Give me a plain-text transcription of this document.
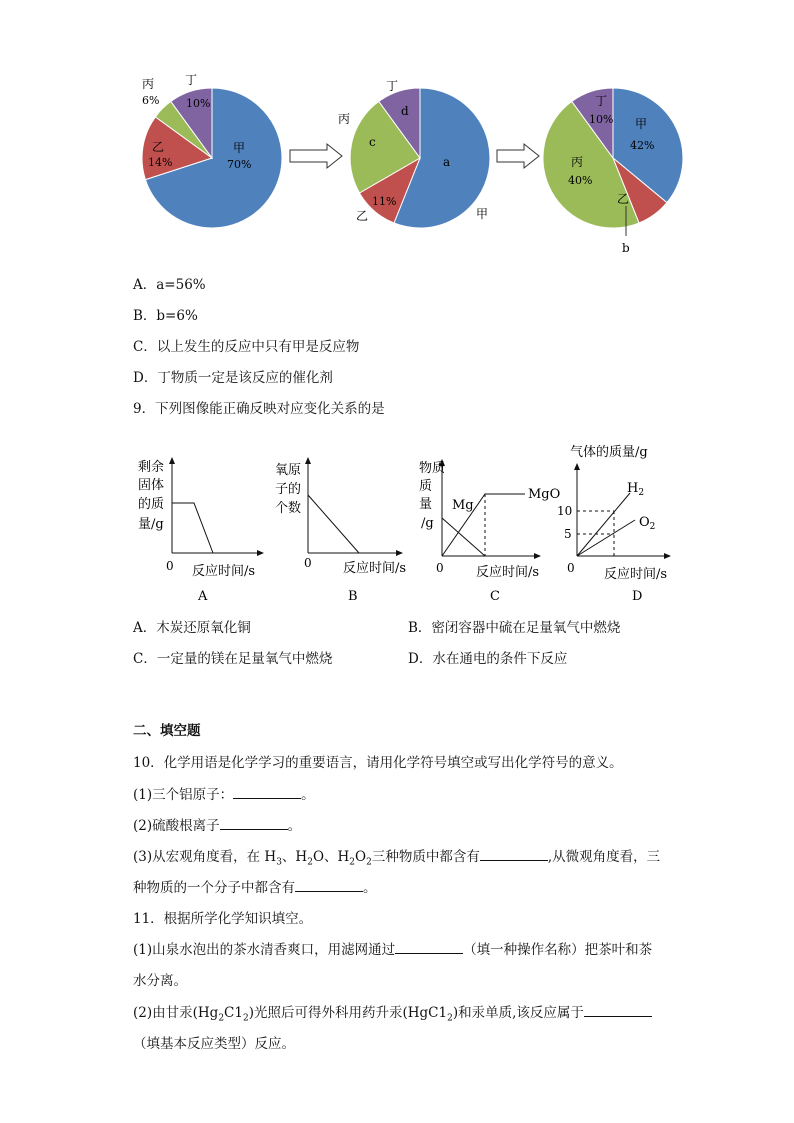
甲
70%
乙
14%
丙
6%
丁
10%
a
c
d
11%
乙
丙
丁
甲
甲
42%
丙
40%
丁
10%
乙
b
A．a=56%
B．b=6%
C．以上发生的反应中只有甲是反应物
D．丁物质一定是该反应的催化剂
9．下列图像能正确反映对应变化关系的是
剩余
固体
的质
量/g
0 反应时间/s
A
氧原
子的
个数
0 反应时间/s
B
物质
质
量
/g
Mg
MgO
0 反应时间/s
C
气体的质量/g
$H_2$
$O_2$
10
5
0 反应时间/s
D
A．木炭还原氧化铜	B．密闭容器中硫在足量氧气中燃烧
C．一定量的镁在足量氧气中燃烧	D．水在通电的条件下反应
二、填空题
10．化学用语是化学学习的重要语言，请用化学符号填空或写出化学符号的意义。
(1)三个铝原子：	。
(2)硫酸根离子	。
(3)从宏观角度看，在 $H_3$、$H_2O$、$H_2O_2$三种物质中都含有	,从微观角度看，三
种物质的一个分子中都含有	。
11．根据所学化学知识填空。
(1)山泉水泡出的茶水清香爽口，用滤网通过	（填一种操作名称）把茶叶和茶
水分离。
(2)由甘汞$(Hg_2C1_2)$光照后可得外科用药升汞$(HgC1_2)$和汞单质,该反应属于
（填基本反应类型）反应。
